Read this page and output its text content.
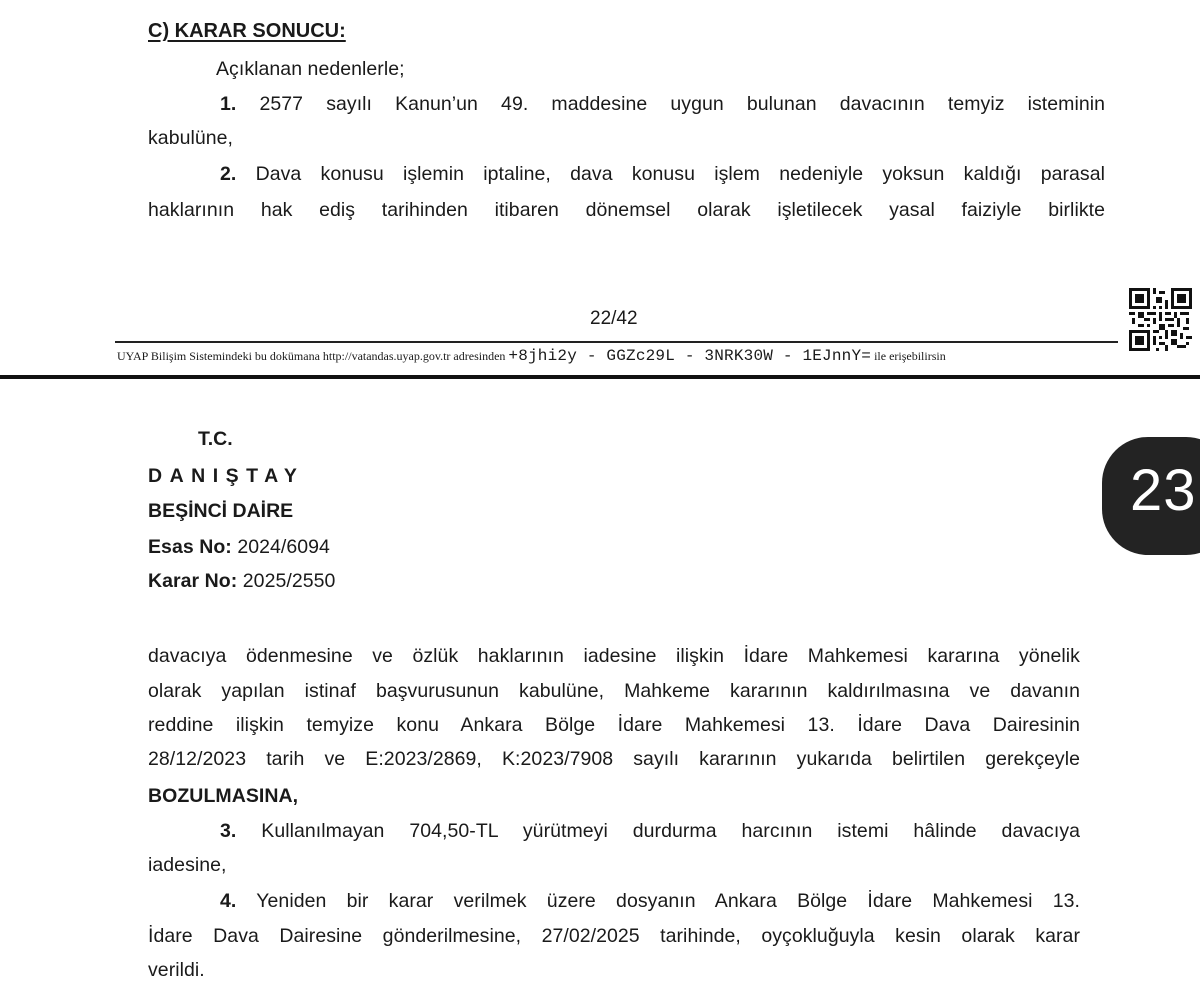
C) KARAR SONUCU:
Açıklanan nedenlerle;
1. 2577 sayılı Kanun’un 49. maddesine uygun bulunan davacının temyiz isteminin
kabulüne,
2. Dava konusu işlemin iptaline, dava konusu işlem nedeniyle yoksun kaldığı parasal
haklarının hak ediş tarihinden itibaren dönemsel olarak işletilecek yasal faiziyle birlikte
22/42
UYAP Bilişim Sistemindeki bu dokümana http://vatandas.uyap.gov.tr adresinden +8jhi2y - GGZc29L - 3NRK30W - 1EJnnY= ile erişebilirsin
T.C.
DANIŞTAY
BEŞİNCİ DAİRE
Esas No: 2024/6094
Karar No: 2025/2550
23
davacıya ödenmesine ve özlük haklarının iadesine ilişkin İdare Mahkemesi kararına yönelik
olarak yapılan istinaf başvurusunun kabulüne, Mahkeme kararının kaldırılmasına ve davanın
reddine ilişkin temyize konu Ankara Bölge İdare Mahkemesi 13. İdare Dava Dairesinin
28/12/2023 tarih ve E:2023/2869, K:2023/7908 sayılı kararının yukarıda belirtilen gerekçeyle
BOZULMASINA,
3. Kullanılmayan 704,50-TL yürütmeyi durdurma harcının istemi hâlinde davacıya
iadesine,
4. Yeniden bir karar verilmek üzere dosyanın Ankara Bölge İdare Mahkemesi 13.
İdare Dava Dairesine gönderilmesine, 27/02/2025 tarihinde, oyçokluğuyla kesin olarak karar
verildi.
